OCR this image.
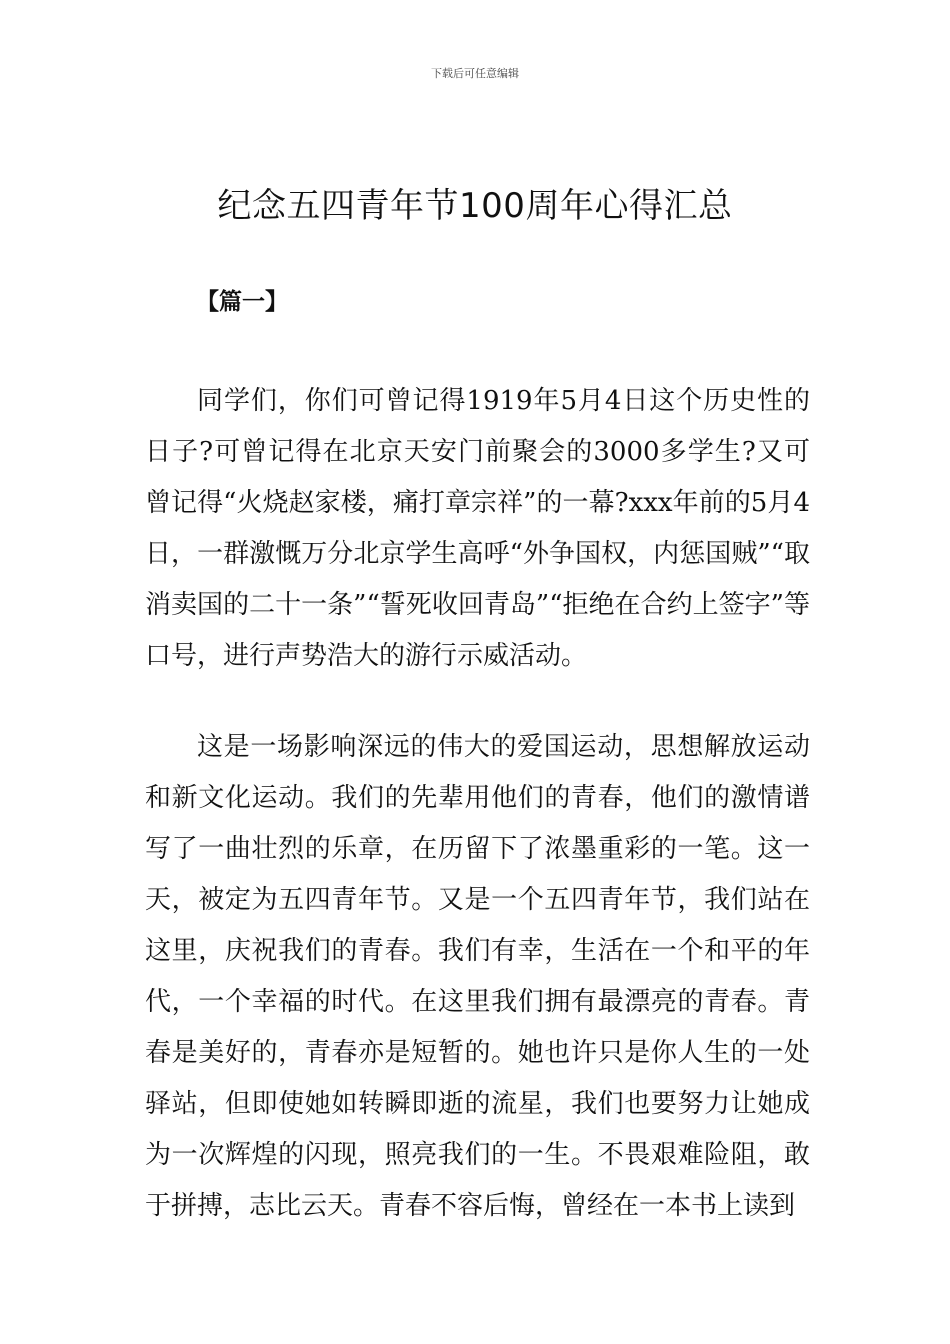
下载后可任意编辑
纪念五四青年节100周年心得汇总
【篇一】

同学们，你们可曾记得1919年5月4日这个历史性的日子?可曾记得在北京天安门前聚会的3000多学生?又可曾记得“火烧赵家楼，痛打章宗祥”的一幕?xxx年前的5月4日，一群激慨万分北京学生高呼“外争国权，内惩国贼”“取消卖国的二十一条”“誓死收回青岛”“拒绝在合约上签字”等口号，进行声势浩大的游行示威活动。

这是一场影响深远的伟大的爱国运动，思想解放运动和新文化运动。我们的先辈用他们的青春，他们的激情谱写了一曲壮烈的乐章，在历留下了浓墨重彩的一笔。这一天，被定为五四青年节。又是一个五四青年节，我们站在这里，庆祝我们的青春。我们有幸，生活在一个和平的年代，一个幸福的时代。在这里我们拥有最漂亮的青春。青春是美好的，青春亦是短暂的。她也许只是你人生的一处驿站，但即使她如转瞬即逝的流星，我们也要努力让她成为一次辉煌的闪现，照亮我们的一生。不畏艰难险阻，敢于拼搏，志比云天。青春不容后悔，曾经在一本书上读到
